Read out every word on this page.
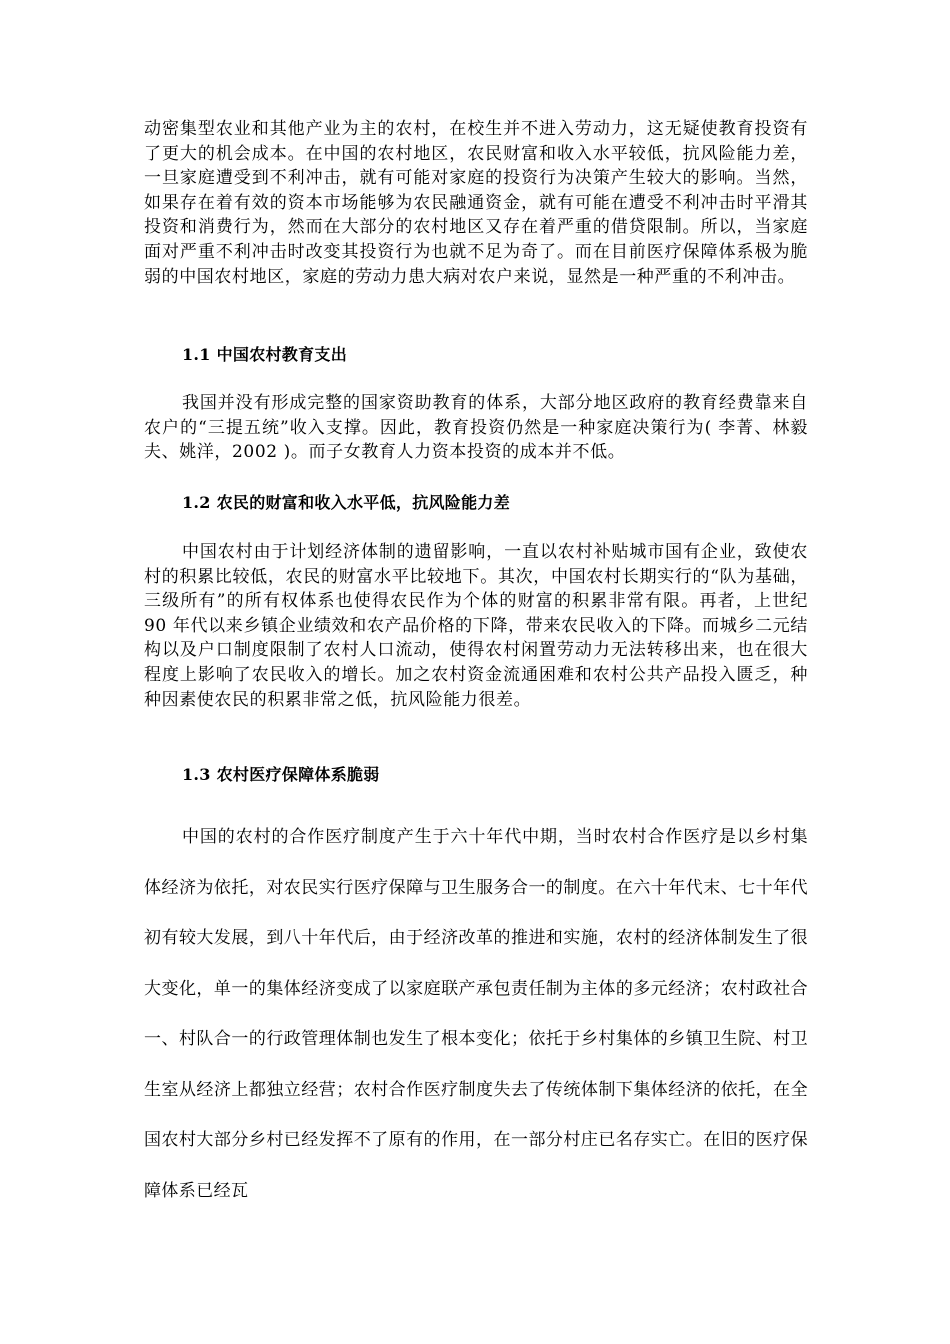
动密集型农业和其他产业为主的农村，在校生并不进入劳动力，这无疑使教育投资有了更大的机会成本。在中国的农村地区，农民财富和收入水平较低，抗风险能力差，一旦家庭遭受到不利冲击，就有可能对家庭的投资行为决策产生较大的影响。当然，如果存在着有效的资本市场能够为农民融通资金，就有可能在遭受不利冲击时平滑其投资和消费行为，然而在大部分的农村地区又存在着严重的借贷限制。所以，当家庭面对严重不利冲击时改变其投资行为也就不足为奇了。而在目前医疗保障体系极为脆弱的中国农村地区，家庭的劳动力患大病对农户来说，显然是一种严重的不利冲击。

1.1 中国农村教育支出

我国并没有形成完整的国家资助教育的体系，大部分地区政府的教育经费靠来自农户的“三提五统”收入支撑。因此，教育投资仍然是一种家庭决策行为( 李菁、林毅夫、姚洋，2002 )。而子女教育人力资本投资的成本并不低。

1.2 农民的财富和收入水平低，抗风险能力差

中国农村由于计划经济体制的遗留影响，一直以农村补贴城市国有企业，致使农村的积累比较低，农民的财富水平比较地下。其次，中国农村长期实行的“队为基础，三级所有”的所有权体系也使得农民作为个体的财富的积累非常有限。再者，上世纪 90 年代以来乡镇企业绩效和农产品价格的下降，带来农民收入的下降。而城乡二元结构以及户口制度限制了农村人口流动，使得农村闲置劳动力无法转移出来，也在很大程度上影响了农民收入的增长。加之农村资金流通困难和农村公共产品投入匮乏，种种因素使农民的积累非常之低，抗风险能力很差。

1.3 农村医疗保障体系脆弱

中国的农村的合作医疗制度产生于六十年代中期，当时农村合作医疗是以乡村集体经济为依托，对农民实行医疗保障与卫生服务合一的制度。在六十年代末、七十年代初有较大发展，到八十年代后，由于经济改革的推进和实施，农村的经济体制发生了很大变化，单一的集体经济变成了以家庭联产承包责任制为主体的多元经济；农村政社合一、村队合一的行政管理体制也发生了根本变化；依托于乡村集体的乡镇卫生院、村卫生室从经济上都独立经营；农村合作医疗制度失去了传统体制下集体经济的依托，在全国农村大部分乡村已经发挥不了原有的作用，在一部分村庄已名存实亡。在旧的医疗保障体系已经瓦
